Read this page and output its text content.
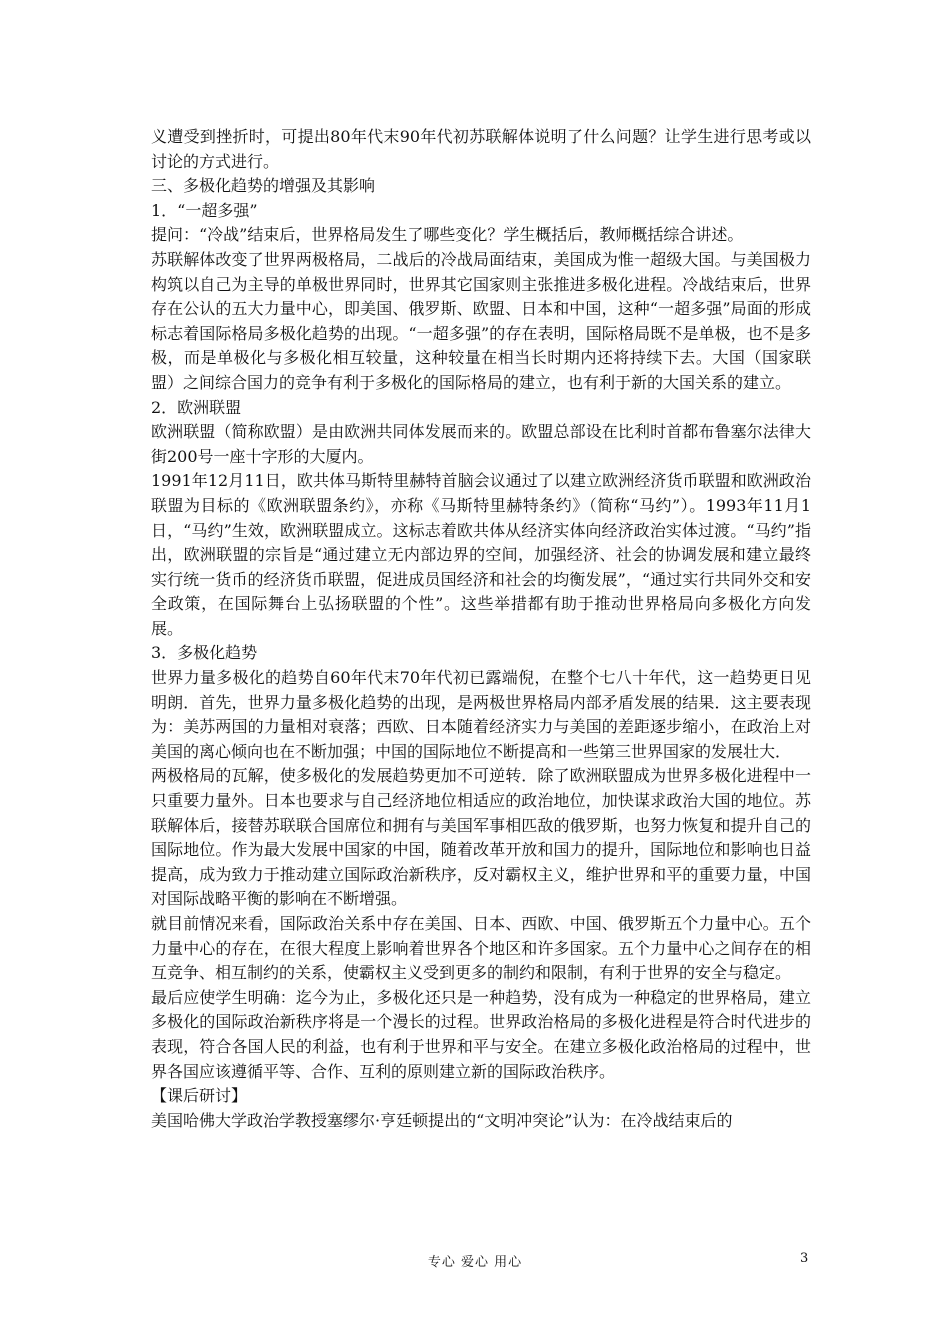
义遭受到挫折时，可提出80年代末90年代初苏联解体说明了什么问题？让学生进行思考或以讨论的方式进行。

三、多极化趋势的增强及其影响

1．“一超多强”

提问：“冷战”结束后，世界格局发生了哪些变化？学生概括后，教师概括综合讲述。

苏联解体改变了世界两极格局，二战后的冷战局面结束，美国成为惟一超级大国。与美国极力构筑以自己为主导的单极世界同时，世界其它国家则主张推进多极化进程。冷战结束后，世界存在公认的五大力量中心，即美国、俄罗斯、欧盟、日本和中国，这种“一超多强”局面的形成标志着国际格局多极化趋势的出现。“一超多强”的存在表明，国际格局既不是单极，也不是多极，而是单极化与多极化相互较量，这种较量在相当长时期内还将持续下去。大国（国家联盟）之间综合国力的竞争有利于多极化的国际格局的建立，也有利于新的大国关系的建立。

2．欧洲联盟

欧洲联盟（简称欧盟）是由欧洲共同体发展而来的。欧盟总部设在比利时首都布鲁塞尔法律大街200号一座十字形的大厦内。

1991年12月11日，欧共体马斯特里赫特首脑会议通过了以建立欧洲经济货币联盟和欧洲政治联盟为目标的《欧洲联盟条约》，亦称《马斯特里赫特条约》（简称“马约”）。1993年11月1日，“马约”生效，欧洲联盟成立。这标志着欧共体从经济实体向经济政治实体过渡。“马约”指出，欧洲联盟的宗旨是“通过建立无内部边界的空间，加强经济、社会的协调发展和建立最终实行统一货币的经济货币联盟，促进成员国经济和社会的均衡发展”，“通过实行共同外交和安全政策，在国际舞台上弘扬联盟的个性”。这些举措都有助于推动世界格局向多极化方向发展。

3．多极化趋势

世界力量多极化的趋势自60年代末70年代初已露端倪，在整个七八十年代，这一趋势更日见明朗．首先，世界力量多极化趋势的出现，是两极世界格局内部矛盾发展的结果．这主要表现为：美苏两国的力量相对衰落；西欧、日本随着经济实力与美国的差距逐步缩小，在政治上对美国的离心倾向也在不断加强；中国的国际地位不断提高和一些第三世界国家的发展壮大．

两极格局的瓦解，使多极化的发展趋势更加不可逆转．除了欧洲联盟成为世界多极化进程中一只重要力量外。日本也要求与自己经济地位相适应的政治地位，加快谋求政治大国的地位。苏联解体后，接替苏联联合国席位和拥有与美国军事相匹敌的俄罗斯，也努力恢复和提升自己的国际地位。作为最大发展中国家的中国，随着改革开放和国力的提升，国际地位和影响也日益提高，成为致力于推动建立国际政治新秩序，反对霸权主义，维护世界和平的重要力量，中国对国际战略平衡的影响在不断增强。

就目前情况来看，国际政治关系中存在美国、日本、西欧、中国、俄罗斯五个力量中心。五个力量中心的存在，在很大程度上影响着世界各个地区和许多国家。五个力量中心之间存在的相互竞争、相互制约的关系，使霸权主义受到更多的制约和限制，有利于世界的安全与稳定。

最后应使学生明确：迄今为止，多极化还只是一种趋势，没有成为一种稳定的世界格局，建立多极化的国际政治新秩序将是一个漫长的过程。世界政治格局的多极化进程是符合时代进步的表现，符合各国人民的利益，也有利于世界和平与安全。在建立多极化政治格局的过程中，世界各国应该遵循平等、合作、互利的原则建立新的国际政治秩序。

【课后研讨】

美国哈佛大学政治学教授塞缪尔·亨廷顿提出的“文明冲突论”认为：在冷战结束后的

专心 爱心 用心	3
